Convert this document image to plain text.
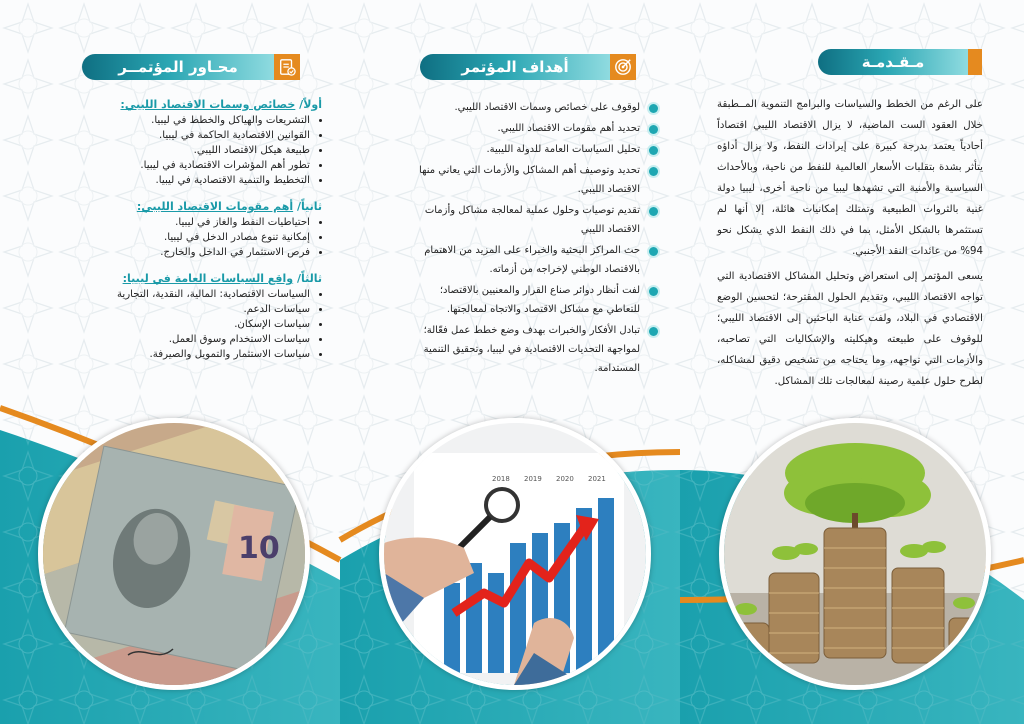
مـقـدمـة

على الرغم من الخطط والسياسات والبرامج التنموية المــطبقة خلال العقود الست الماضية، لا يزال الاقتصاد الليبي اقتصاداً أحادياً يعتمد بدرجة كبيرة على إيرادات النفط، ولا يزال أداؤه يتأثر بشدة بتقلبات الأسعار العالمية للنفط من ناحية، وبالأحداث السياسية والأمنية التي تشهدها ليبيا من ناحية أخرى، ليبيا دولة غنية بالثروات الطبيعية وتمتلك إمكانيات هائلة، إلا أنها لم تستثمرها بالشكل الأمثل، بما في ذلك النفط الذي يشكل نحو 94% من عائدات النقد الأجنبي.

يسعى المؤتمر إلى استعراض وتحليل المشاكل الاقتصادية التي تواجه الاقتصاد الليبي، وتقديم الحلول المقترحة؛ لتحسين الوضع الاقتصادي في البلاد، ولفت عناية الباحثين إلى الاقتصاد الليبي؛ للوقوف على طبيعته وهيكليته والإشكاليات التي تصاحبه، والأزمات التي تواجهه، وما يحتاجه من تشخيص دقيق لمشاكله، لطرح حلول علمية رصينة لمعالجات تلك المشاكل.

أهداف المؤتمر
لوقوف على خصائص وسمات الاقتصاد الليبي.
تحديد أهم مقومات الاقتصاد الليبي.
تحليل السياسات العامة للدولة الليبية.
تحديد وتوصيف أهم المشاكل والأزمات التي يعاني منها الاقتصاد الليبي.
تقديم توصيات وحلول عملية لمعالجة مشاكل وأزمات الاقتصاد الليبي
حث المراكز البحثية والخبراء على المزيد من الاهتمام بالاقتصاد الوطني لإخراجه من أزماته.
لفت أنظار دوائر صناع القرار والمعنيين بالاقتصاد؛ للتعاطي مع مشاكل الاقتصاد والاتجاه لمعالجتها.
تبادل الأفكار والخبرات بهدف وضع خطط عمل فعّالة؛ لمواجهة التحديات الاقتصادية في ليبيا، وتحقيق التنمية المستدامة.
محـاور المؤتمــر
أولاً/ خصائص وسمات الاقتصاد الليبي:
• التشريعات والهياكل والخطط في ليبيا.
• القوانين الاقتصادية الحاكمة في ليبيا.
• طبيعة هيكل الاقتصاد الليبي.
• تطور أهم المؤشرات الاقتصادية في ليبيا.
• التخطيط والتنمية الاقتصادية في ليبيا.
ثانياً/ أهم مقومات الاقتصاد الليبي:
• احتياطيات النفط والغاز في ليبيا.
• إمكانية تنوع مصادر الدخل في ليبيا.
• فرص الاستثمار في الداخل والخارج.
ثالثاً/ واقع السياسات العامة في ليبيا:
• السياسات الاقتصادية: المالية، النقدية، التجارية
• سياسات الدعم.
• سياسات الإسكان.
• سياسات الاستخدام وسوق العمل.
• سياسات الاستثمار والتمويل والصيرفة.
10
2018 2019 2020 2021
